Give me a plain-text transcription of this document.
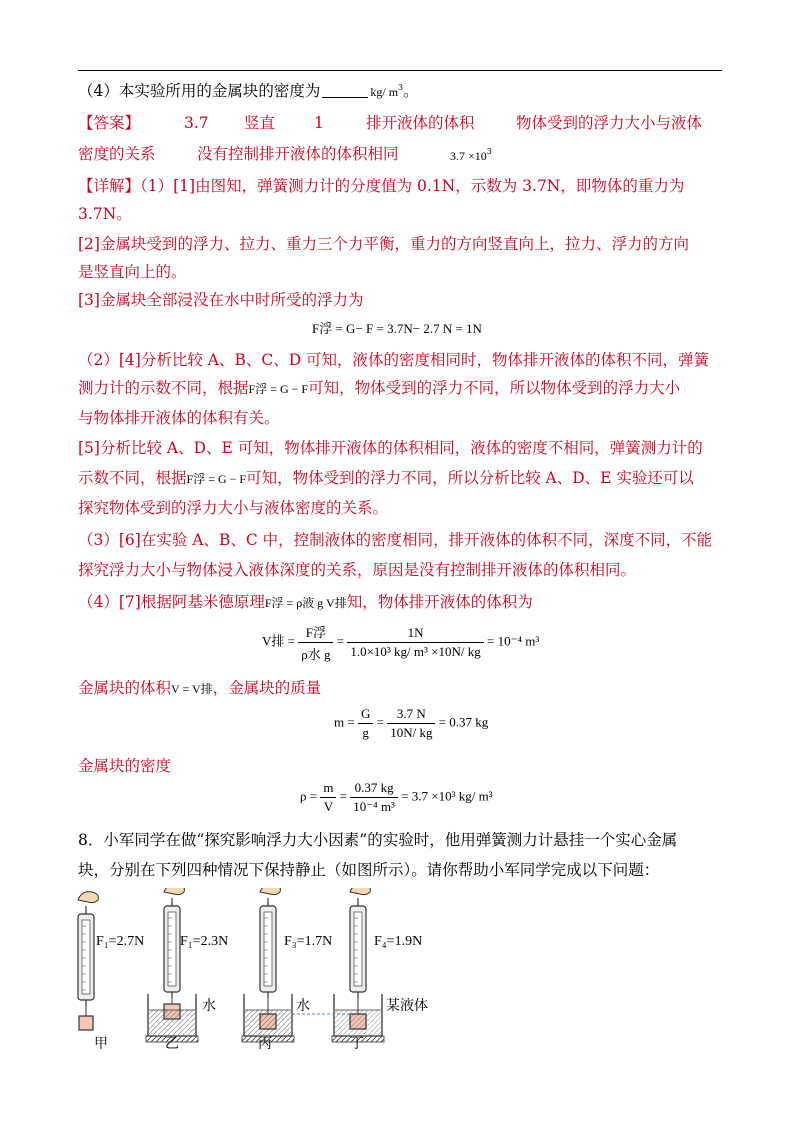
（4）本实验所用的金属块的密度为	kg/ $m^3$。
【答案】	3.7 竖直	1	排开液体的体积	物体受到的浮力大小与液体
密度的关系	没有控制排开液体的体积相同	$3.7 \times 10^3$
【详解】（1）[1]由图知，弹簧测力计的分度值为 0.1N，示数为 3.7N，即物体的重力为
3.7N。
[2]金属块受到的浮力、拉力、重力三个力平衡，重力的方向竖直向上，拉力、浮力的方向
是竖直向上的。
[3]金属块全部浸没在水中时所受的浮力为
F浮 = G− F = 3.7N− 2.7 N = 1N
（2）[4]分析比较 A、B、C、D 可知，液体的密度相同时，物体排开液体的体积不同，弹簧
测力计的示数不同，根据F浮 = G − F可知，物体受到的浮力不同，所以物体受到的浮力大小
与物体排开液体的体积有关。
[5]分析比较 A、D、E 可知，物体排开液体的体积相同，液体的密度不相同，弹簧测力计的
示数不同，根据F浮 = G − F可知，物体受到的浮力不同，所以分析比较 A、D、E 实验还可以
探究物体受到的浮力大小与液体密度的关系。
（3）[6]在实验 A、B、C 中，控制液体的密度相同，排开液体的体积不同，深度不同，不能
探究浮力大小与物体浸入液体深度的关系，原因是没有控制排开液体的体积相同。
（4）[7]根据阿基米德原理F浮 = ρ液 g V排知，物体排开液体的体积为
V排 = $\frac{\text{F浮}}{\text{ρ水 g}} = \frac{1N}{\text{1.0×10³ kg/ m³ ×10N/ kg}} = 10^{-4}$ m³
金属块的体积V = V排，金属块的质量
$m = \frac{G}{g} = \frac{3.7 N}{10N/ kg} = 0.37$ kg
金属块的密度
$\rho = \frac{m}{V} = \frac{0.37 kg}{\text{10⁻⁴ m³}} = 3.7 \times 10^3$ kg/ m³
8．小军同学在做“探究影响浮力大小因素”的实验时，他用弹簧测力计悬挂一个实心金属
块，分别在下列四种情况下保持静止（如图所示）。请你帮助小军同学完成以下问题：
F₁=2.7N	F₁=2.3N	F₃=1.7N	F₄=1.9N
水	水	某液体
甲	乙	丙	丁
